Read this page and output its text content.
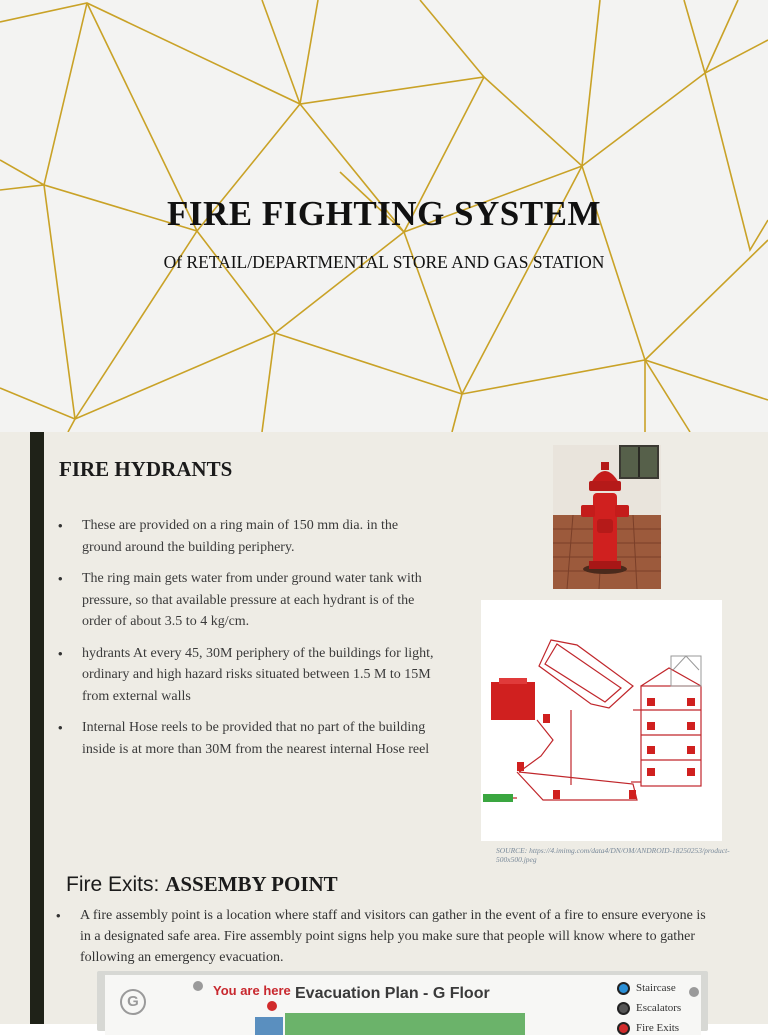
FIRE FIGHTING SYSTEM
Of RETAIL/DEPARTMENTAL STORE AND GAS STATION
FIRE HYDRANTS
• These are provided on a ring main of 150 mm dia. in the ground around the building periphery.
• The ring main gets water from under ground water tank with pressure, so that available pressure at each hydrant is of the order of about 3.5 to 4 kg/cm.
• hydrants At every 45, 30M periphery of the buildings for light, ordinary and high hazard risks situated between 1.5 M to 15M from external walls
• Internal Hose reels to be provided that no part of the building inside is at more than 30M from the nearest internal Hose reel
SOURCE: https://4.imimg.com/data4/DN/OM/ANDROID-18250253/product-500x500.jpeg
Fire Exits: ASSEMBY POINT
• A fire assembly point is a location where staff and visitors can gather in the event of a fire to ensure everyone is in a designated safe area. Fire assembly point signs help you make sure that people will know where to gather following an emergency evacuation.
G
You are here Evacuation Plan - G Floor	Staircase
Escalators
Fire Exits
